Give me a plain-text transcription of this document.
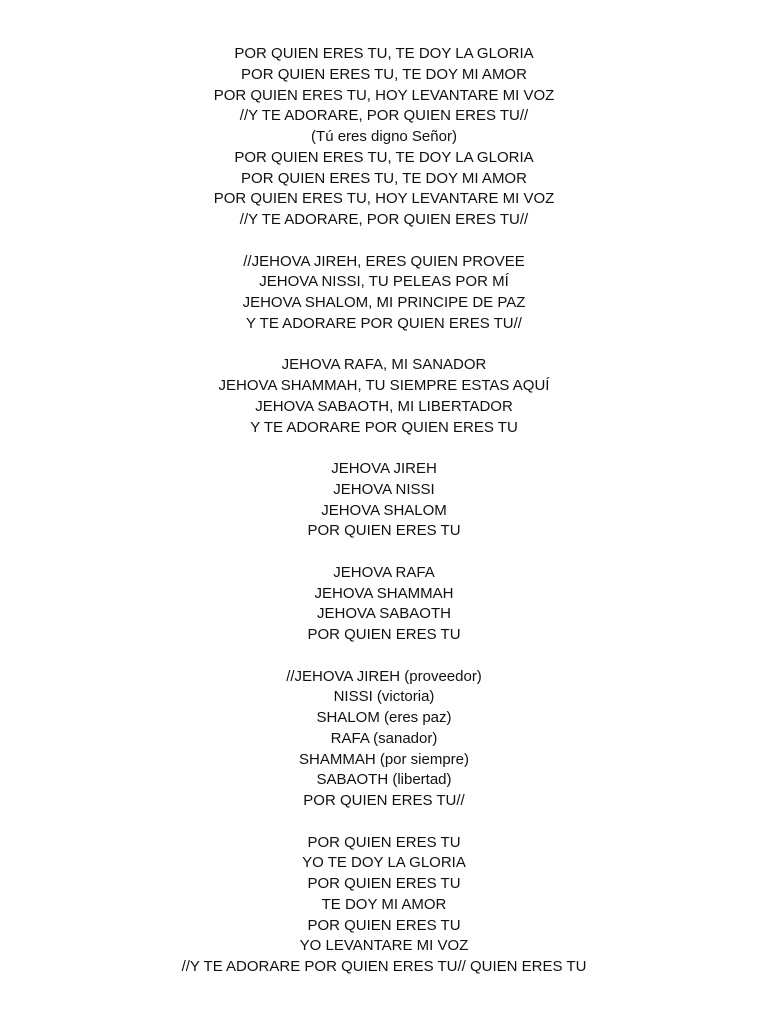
POR QUIEN ERES TU, TE DOY LA GLORIA
POR QUIEN ERES TU, TE DOY MI AMOR
POR QUIEN ERES TU, HOY LEVANTARE MI VOZ
//Y TE ADORARE, POR QUIEN ERES TU//
(Tú eres digno Señor)
POR QUIEN ERES TU, TE DOY LA GLORIA
POR QUIEN ERES TU, TE DOY MI AMOR
POR QUIEN ERES TU, HOY LEVANTARE MI VOZ
//Y TE ADORARE, POR QUIEN ERES TU//
//JEHOVA JIREH, ERES QUIEN PROVEE
JEHOVA NISSI, TU PELEAS POR MÍ
JEHOVA SHALOM, MI PRINCIPE DE PAZ
Y TE ADORARE POR QUIEN ERES TU//
JEHOVA RAFA, MI SANADOR
JEHOVA SHAMMAH, TU SIEMPRE ESTAS AQUÍ
JEHOVA SABAOTH, MI LIBERTADOR
Y TE ADORARE POR QUIEN ERES TU
JEHOVA JIREH
JEHOVA NISSI
JEHOVA SHALOM
POR QUIEN ERES TU
JEHOVA RAFA
JEHOVA SHAMMAH
JEHOVA SABAOTH
POR QUIEN ERES TU
//JEHOVA JIREH (proveedor)
NISSI (victoria)
SHALOM (eres paz)
RAFA (sanador)
SHAMMAH (por siempre)
SABAOTH (libertad)
POR QUIEN ERES TU//
POR QUIEN ERES TU
YO TE DOY LA GLORIA
POR QUIEN ERES TU
TE DOY MI AMOR
POR QUIEN ERES TU
YO LEVANTARE MI VOZ
//Y TE ADORARE POR QUIEN ERES TU// QUIEN ERES TU
